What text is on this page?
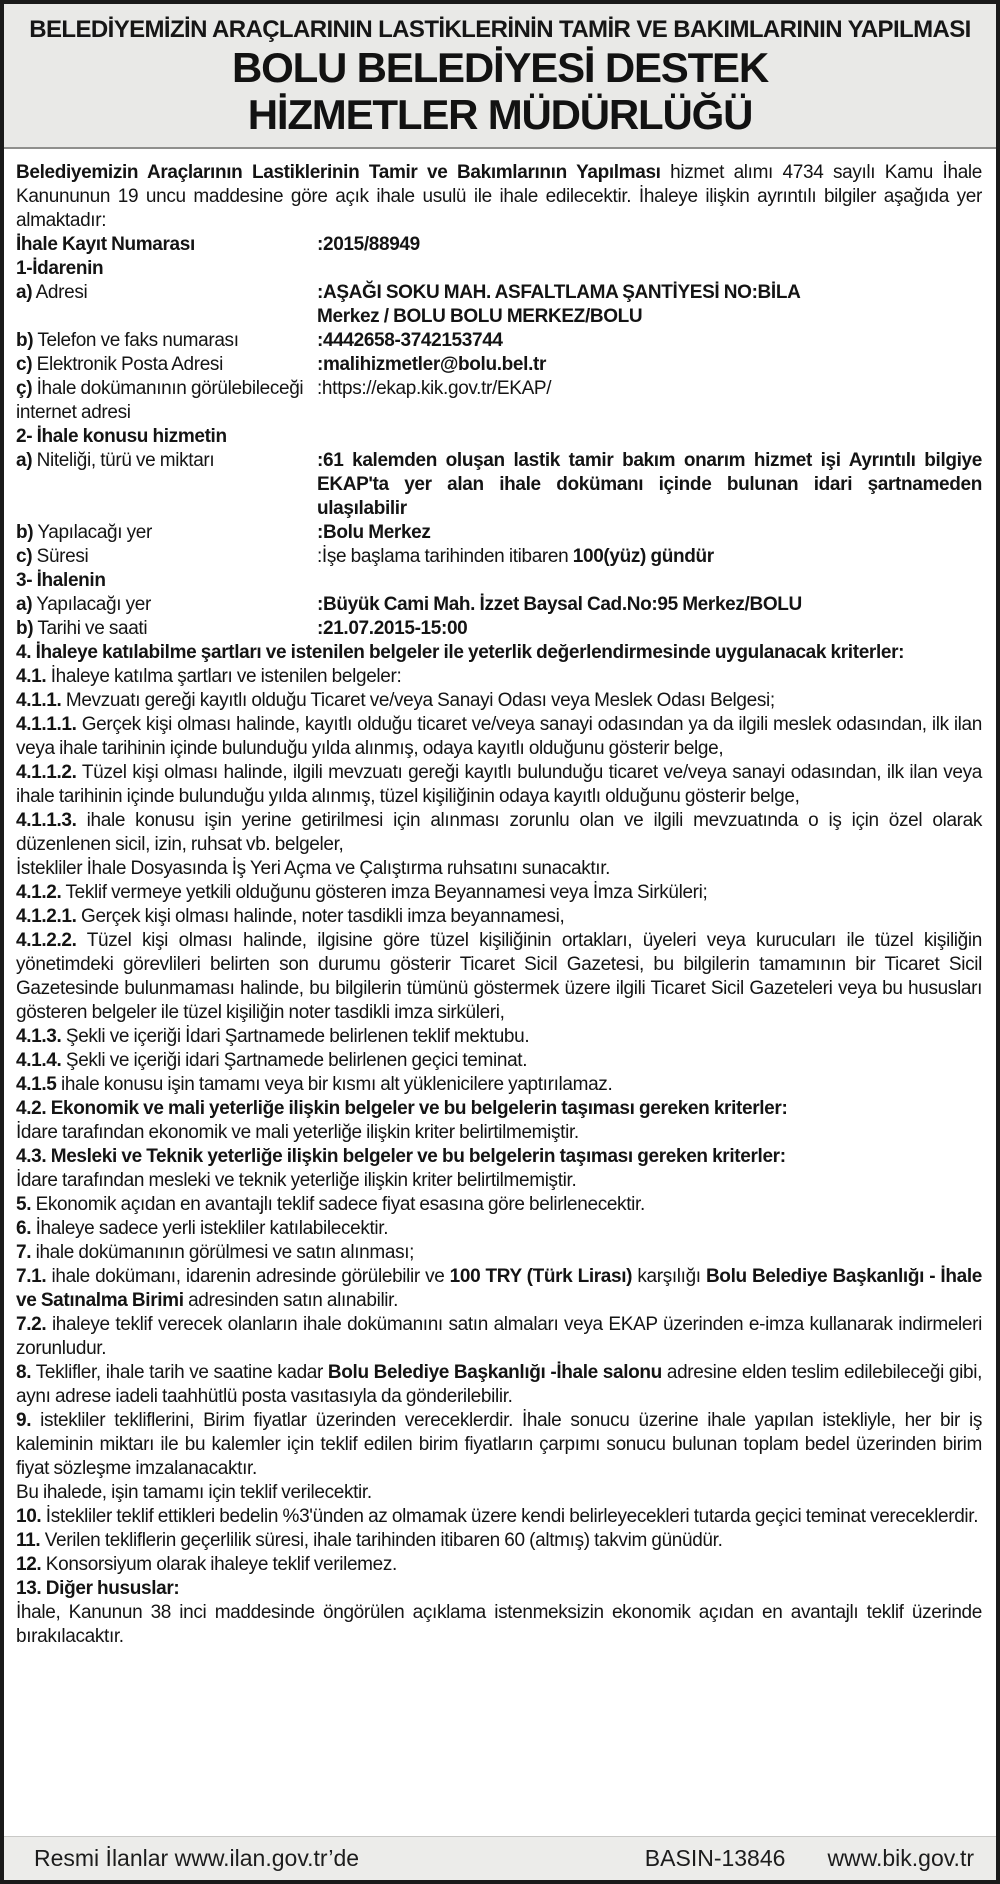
BELEDİYEMİZİN ARAÇLARININ LASTİKLERİNİN TAMİR VE BAKIMLARININ YAPILMASI
BOLU BELEDİYESİ DESTEK
HİZMETLER MÜDÜRLÜĞÜ

Belediyemizin Araçlarının Lastiklerinin Tamir ve Bakımlarının Yapılması hizmet alımı 4734 sayılı Kamu İhale Kanununun 19 uncu maddesine göre açık ihale usulü ile ihale edilecektir. İhaleye ilişkin ayrıntılı bilgiler aşağıda yer almaktadır:

İhale Kayıt Numarası	:2015/88949
1-İdarenin
a) Adresi	:AŞAĞI SOKU MAH. ASFALTLAMA ŞANTİYESİ NO:BİLA
Merkez / BOLU BOLU MERKEZ/BOLU
b) Telefon ve faks numarası	:4442658-3742153744
c) Elektronik Posta Adresi	:malihizmetler@bolu.bel.tr
ç) İhale dokümanının görülebileceği internet adresi
:https://ekap.kik.gov.tr/EKAP/
2- İhale konusu hizmetin
a) Niteliği, türü ve miktarı	:61 kalemden oluşan lastik tamir bakım onarım hizmet işi Ayrıntılı bilgiye EKAP'ta yer alan ihale dokümanı içinde bulunan idari şartnameden ulaşılabilir
b) Yapılacağı yer	:Bolu Merkez
c) Süresi	:İşe başlama tarihinden itibaren 100(yüz) gündür
3- İhalenin
a) Yapılacağı yer	:Büyük Cami Mah. İzzet Baysal Cad.No:95 Merkez/BOLU
b) Tarihi ve saati	:21.07.2015-15:00

4. İhaleye katılabilme şartları ve istenilen belgeler ile yeterlik değerlendirmesinde uygulanacak kriterler:

4.1. İhaleye katılma şartları ve istenilen belgeler:

4.1.1. Mevzuatı gereği kayıtlı olduğu Ticaret ve/veya Sanayi Odası veya Meslek Odası Belgesi;

4.1.1.1. Gerçek kişi olması halinde, kayıtlı olduğu ticaret ve/veya sanayi odasından ya da ilgili meslek odasından, ilk ilan veya ihale tarihinin içinde bulunduğu yılda alınmış, odaya kayıtlı olduğunu gösterir belge,

4.1.1.2. Tüzel kişi olması halinde, ilgili mevzuatı gereği kayıtlı bulunduğu ticaret ve/veya sanayi odasından, ilk ilan veya ihale tarihinin içinde bulunduğu yılda alınmış, tüzel kişiliğinin odaya kayıtlı olduğunu gösterir belge,

4.1.1.3. ihale konusu işin yerine getirilmesi için alınması zorunlu olan ve ilgili mevzuatında o iş için özel olarak düzenlenen sicil, izin, ruhsat vb. belgeler,

İstekliler İhale Dosyasında İş Yeri Açma ve Çalıştırma ruhsatını sunacaktır.

4.1.2. Teklif vermeye yetkili olduğunu gösteren imza Beyannamesi veya İmza Sirküleri;

4.1.2.1. Gerçek kişi olması halinde, noter tasdikli imza beyannamesi,

4.1.2.2. Tüzel kişi olması halinde, ilgisine göre tüzel kişiliğinin ortakları, üyeleri veya kurucuları ile tüzel kişiliğin yönetimdeki görevlileri belirten son durumu gösterir Ticaret Sicil Gazetesi, bu bilgilerin tamamının bir Ticaret Sicil Gazetesinde bulunmaması halinde, bu bilgilerin tümünü göstermek üzere ilgili Ticaret Sicil Gazeteleri veya bu hususları gösteren belgeler ile tüzel kişiliğin noter tasdikli imza sirküleri,

4.1.3. Şekli ve içeriği İdari Şartnamede belirlenen teklif mektubu.

4.1.4. Şekli ve içeriği idari Şartnamede belirlenen geçici teminat.

4.1.5 ihale konusu işin tamamı veya bir kısmı alt yüklenicilere yaptırılamaz.

4.2. Ekonomik ve mali yeterliğe ilişkin belgeler ve bu belgelerin taşıması gereken kriterler:

İdare tarafından ekonomik ve mali yeterliğe ilişkin kriter belirtilmemiştir.

4.3. Mesleki ve Teknik yeterliğe ilişkin belgeler ve bu belgelerin taşıması gereken kriterler:

İdare tarafından mesleki ve teknik yeterliğe ilişkin kriter belirtilmemiştir.

5. Ekonomik açıdan en avantajlı teklif sadece fiyat esasına göre belirlenecektir.

6. İhaleye sadece yerli istekliler katılabilecektir.

7. ihale dokümanının görülmesi ve satın alınması;

7.1. ihale dokümanı, idarenin adresinde görülebilir ve 100 TRY (Türk Lirası) karşılığı Bolu Belediye Başkanlığı - İhale ve Satınalma Birimi adresinden satın alınabilir.

7.2. ihaleye teklif verecek olanların ihale dokümanını satın almaları veya EKAP üzerinden e-imza kullanarak indirmeleri zorunludur.

8. Teklifler, ihale tarih ve saatine kadar Bolu Belediye Başkanlığı -İhale salonu adresine elden teslim edilebileceği gibi, aynı adrese iadeli taahhütlü posta vasıtasıyla da gönderilebilir.

9. istekliler tekliflerini, Birim fiyatlar üzerinden vereceklerdir. İhale sonucu üzerine ihale yapılan istekliyle, her bir iş kaleminin miktarı ile bu kalemler için teklif edilen birim fiyatların çarpımı sonucu bulunan toplam bedel üzerinden birim fiyat sözleşme imzalanacaktır.

Bu ihalede, işin tamamı için teklif verilecektir.

10. İstekliler teklif ettikleri bedelin %3'ünden az olmamak üzere kendi belirleyecekleri tutarda geçici teminat vereceklerdir.

11. Verilen tekliflerin geçerlilik süresi, ihale tarihinden itibaren 60 (altmış) takvim günüdür.

12. Konsorsiyum olarak ihaleye teklif verilemez.

13. Diğer hususlar:

İhale, Kanunun 38 inci maddesinde öngörülen açıklama istenmeksizin ekonomik açıdan en avantajlı teklif üzerinde bırakılacaktır.

Resmi İlanlar www.ilan.gov.tr’de	BASIN-13846 www.bik.gov.tr
